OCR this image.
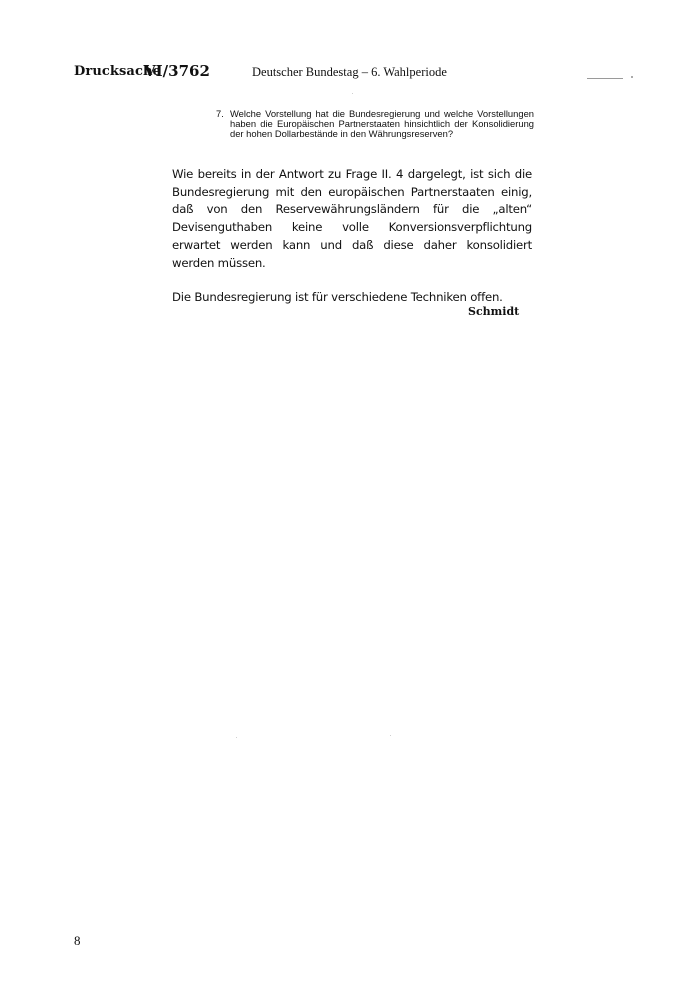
Drucksache
VI/3762	Deutscher Bundestag – 6. Wahlperiode
7. Welche Vorstellung hat die Bundesregierung und welche Vorstellungen haben die Europäischen Partnerstaaten hinsichtlich der Konsolidierung der hohen Dollarbestände in den Währungsreserven?

Wie bereits in der Antwort zu Frage II. 4 dargelegt, ist sich die Bundesregierung mit den europäischen Partnerstaaten einig, daß von den Reservewährungsländern für die „alten“ Devisenguthaben keine volle Konversionsverpflichtung erwartet werden kann und daß diese daher konsolidiert werden müssen.

Die Bundesregierung ist für verschiedene Techniken offen.

Schmidt
8
